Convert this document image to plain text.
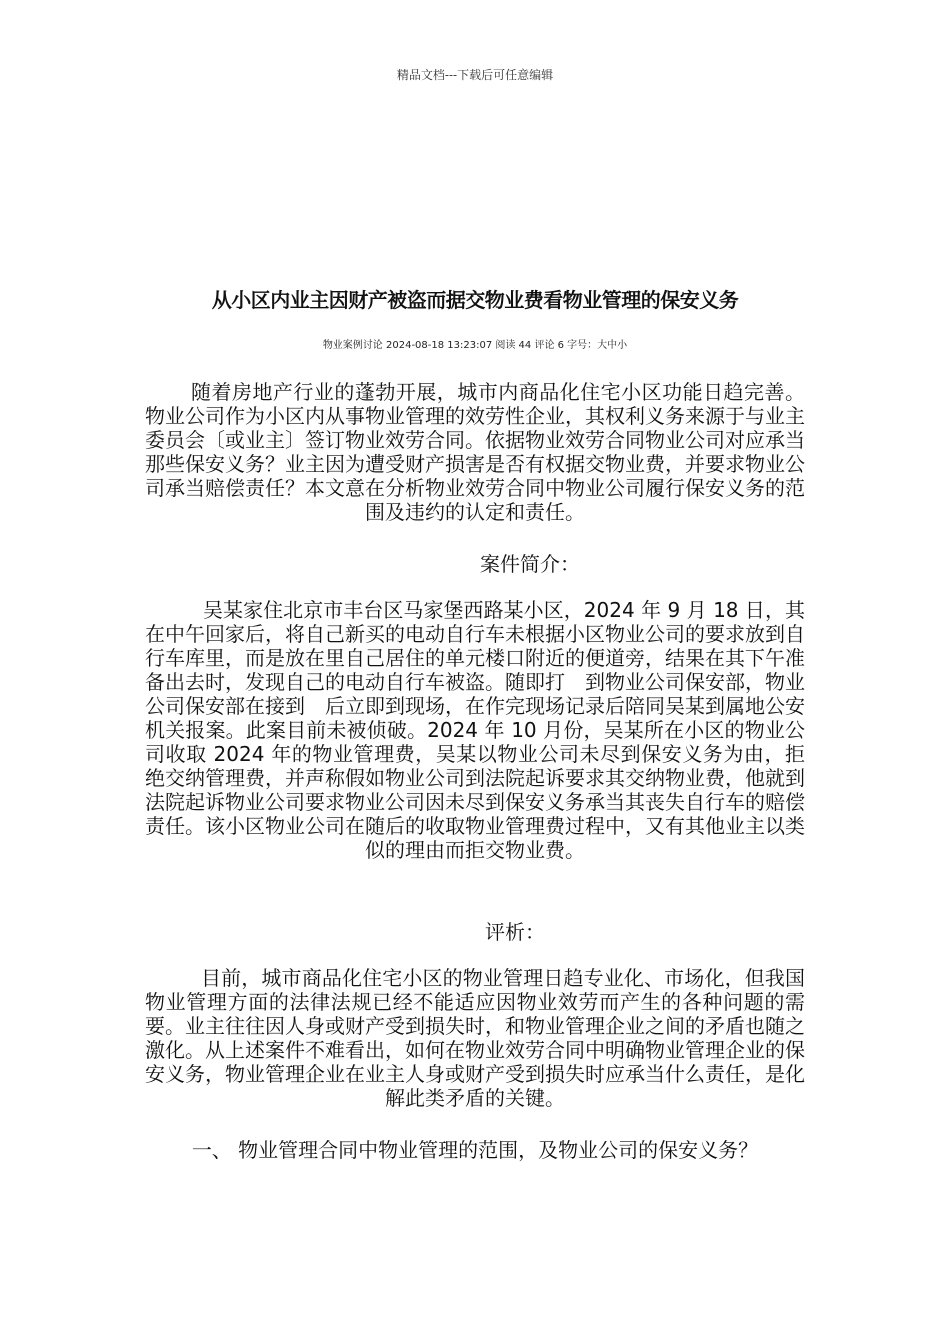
精品文档---下载后可任意编辑
从小区内业主因财产被盗而据交物业费看物业管理的保安义务
物业案例讨论 2024-08-18 13:23:07 阅读 44 评论 6 字号：大中小

随着房地产行业的蓬勃开展，城市内商品化住宅小区功能日趋完善。物业公司作为小区内从事物业管理的效劳性企业，其权利义务来源于与业主委员会〔或业主〕签订物业效劳合同。依据物业效劳合同物业公司对应承当那些保安义务？业主因为遭受财产损害是否有权据交物业费，并要求物业公司承当赔偿责任？本文意在分析物业效劳合同中物业公司履行保安义务的范围及违约的认定和责任。

案件简介：

吴某家住北京市丰台区马家堡西路某小区，2024 年 9 月 18 日，其在中午回家后，将自己新买的电动自行车未根据小区物业公司的要求放到自行车库里，而是放在里自己居住的单元楼口附近的便道旁，结果在其下午准备出去时，发现自己的电动自行车被盗。随即打　到物业公司保安部，物业公司保安部在接到　后立即到现场，在作完现场记录后陪同吴某到属地公安机关报案。此案目前未被侦破。2024 年 10 月份，吴某所在小区的物业公司收取 2024 年的物业管理费，吴某以物业公司未尽到保安义务为由，拒绝交纳管理费，并声称假如物业公司到法院起诉要求其交纳物业费，他就到法院起诉物业公司要求物业公司因未尽到保安义务承当其丧失自行车的赔偿责任。该小区物业公司在随后的收取物业管理费过程中，又有其他业主以类似的理由而拒交物业费。

评析：

目前，城市商品化住宅小区的物业管理日趋专业化、市场化，但我国物业管理方面的法律法规已经不能适应因物业效劳而产生的各种问题的需要。业主往往因人身或财产受到损失时，和物业管理企业之间的矛盾也随之激化。从上述案件不难看出，如何在物业效劳合同中明确物业管理企业的保安义务，物业管理企业在业主人身或财产受到损失时应承当什么责任，是化解此类矛盾的关键。

一、 物业管理合同中物业管理的范围，及物业公司的保安义务？
